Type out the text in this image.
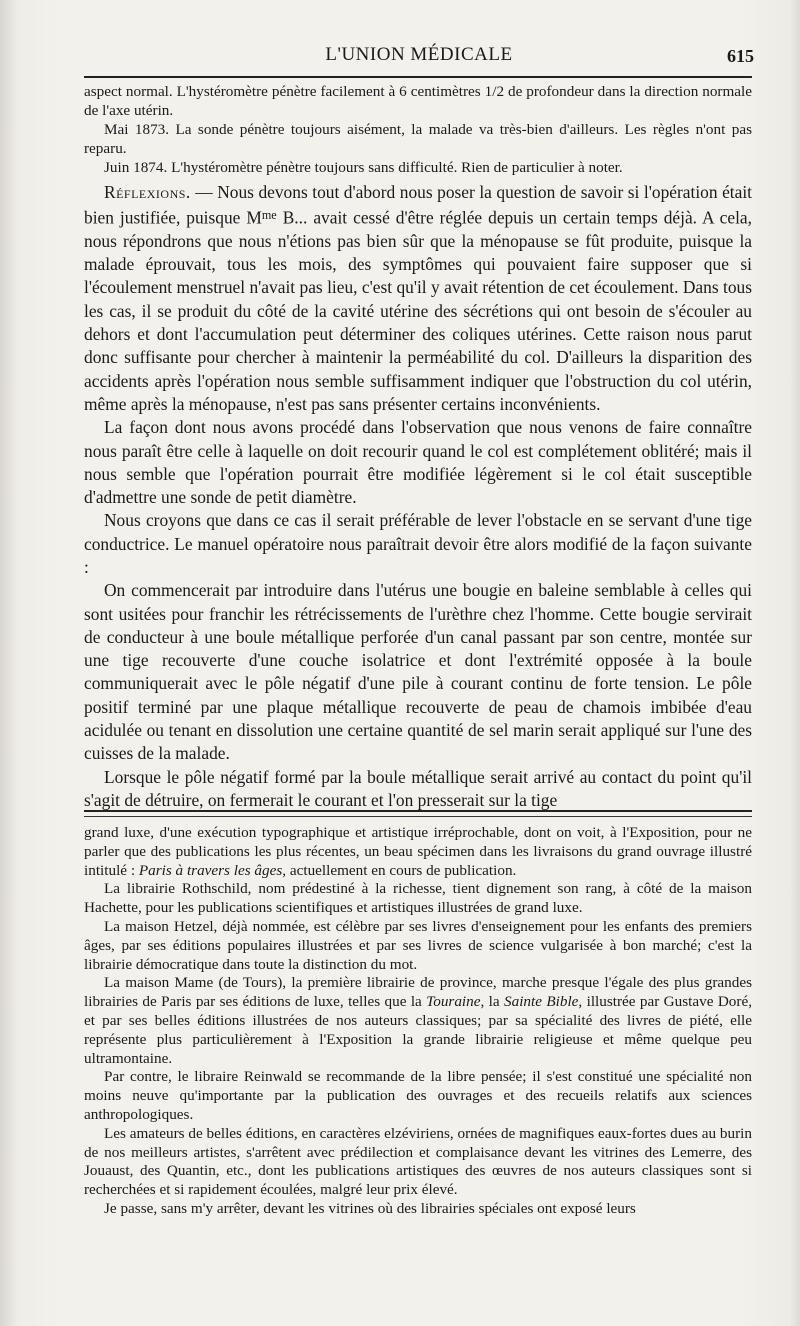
L'UNION MÉDICALE	615

aspect normal. L'hystéromètre pénètre facilement à 6 centimètres 1/2 de profondeur dans la direction normale de l'axe utérin.

Mai 1873. La sonde pénètre toujours aisément, la malade va très-bien d'ailleurs. Les règles n'ont pas reparu.

Juin 1874. L'hystéromètre pénètre toujours sans difficulté. Rien de particulier à noter.

Réflexions. — Nous devons tout d'abord nous poser la question de savoir si l'opération était bien justifiée, puisque $M^{me}$ B... avait cessé d'être réglée depuis un certain temps déjà. A cela, nous répondrons que nous n'étions pas bien sûr que la ménopause se fût produite, puisque la malade éprouvait, tous les mois, des symptômes qui pouvaient faire supposer que si l'écoulement menstruel n'avait pas lieu, c'est qu'il y avait rétention de cet écoulement. Dans tous les cas, il se produit du côté de la cavité utérine des sécrétions qui ont besoin de s'écouler au dehors et dont l'accumulation peut déterminer des coliques utérines. Cette raison nous parut donc suffisante pour chercher à maintenir la perméabilité du col. D'ailleurs la disparition des accidents après l'opération nous semble suffisamment indiquer que l'obstruction du col utérin, même après la ménopause, n'est pas sans présenter certains inconvénients.

La façon dont nous avons procédé dans l'observation que nous venons de faire connaître nous paraît être celle à laquelle on doit recourir quand le col est complétement oblitéré; mais il nous semble que l'opération pourrait être modifiée légèrement si le col était susceptible d'admettre une sonde de petit diamètre.

Nous croyons que dans ce cas il serait préférable de lever l'obstacle en se servant d'une tige conductrice. Le manuel opératoire nous paraîtrait devoir être alors modifié de la façon suivante :

On commencerait par introduire dans l'utérus une bougie en baleine semblable à celles qui sont usitées pour franchir les rétrécissements de l'urèthre chez l'homme. Cette bougie servirait de conducteur à une boule métallique perforée d'un canal passant par son centre, montée sur une tige recouverte d'une couche isolatrice et dont l'extrémité opposée à la boule communiquerait avec le pôle négatif d'une pile à courant continu de forte tension. Le pôle positif terminé par une plaque métallique recouverte de peau de chamois imbibée d'eau acidulée ou tenant en dissolution une certaine quantité de sel marin serait appliqué sur l'une des cuisses de la malade.

Lorsque le pôle négatif formé par la boule métallique serait arrivé au contact du point qu'il s'agit de détruire, on fermerait le courant et l'on presserait sur la tige

grand luxe, d'une exécution typographique et artistique irréprochable, dont on voit, à l'Exposition, pour ne parler que des publications les plus récentes, un beau spécimen dans les livraisons du grand ouvrage illustré intitulé : Paris à travers les âges, actuellement en cours de publication.

La librairie Rothschild, nom prédestiné à la richesse, tient dignement son rang, à côté de la maison Hachette, pour les publications scientifiques et artistiques illustrées de grand luxe.

La maison Hetzel, déjà nommée, est célèbre par ses livres d'enseignement pour les enfants des premiers âges, par ses éditions populaires illustrées et par ses livres de science vulgarisée à bon marché; c'est la librairie démocratique dans toute la distinction du mot.

La maison Mame (de Tours), la première librairie de province, marche presque l'égale des plus grandes librairies de Paris par ses éditions de luxe, telles que la Touraine, la Sainte Bible, illustrée par Gustave Doré, et par ses belles éditions illustrées de nos auteurs classiques; par sa spécialité des livres de piété, elle représente plus particulièrement à l'Exposition la grande librairie religieuse et même quelque peu ultramontaine.

Par contre, le libraire Reinwald se recommande de la libre pensée; il s'est constitué une spécialité non moins neuve qu'importante par la publication des ouvrages et des recueils relatifs aux sciences anthropologiques.

Les amateurs de belles éditions, en caractères elzéviriens, ornées de magnifiques eaux-fortes dues au burin de nos meilleurs artistes, s'arrêtent avec prédilection et complaisance devant les vitrines des Lemerre, des Jouaust, des Quantin, etc., dont les publications artistiques des œuvres de nos auteurs classiques sont si recherchées et si rapidement écoulées, malgré leur prix élevé.

Je passe, sans m'y arrêter, devant les vitrines où des librairies spéciales ont exposé leurs
